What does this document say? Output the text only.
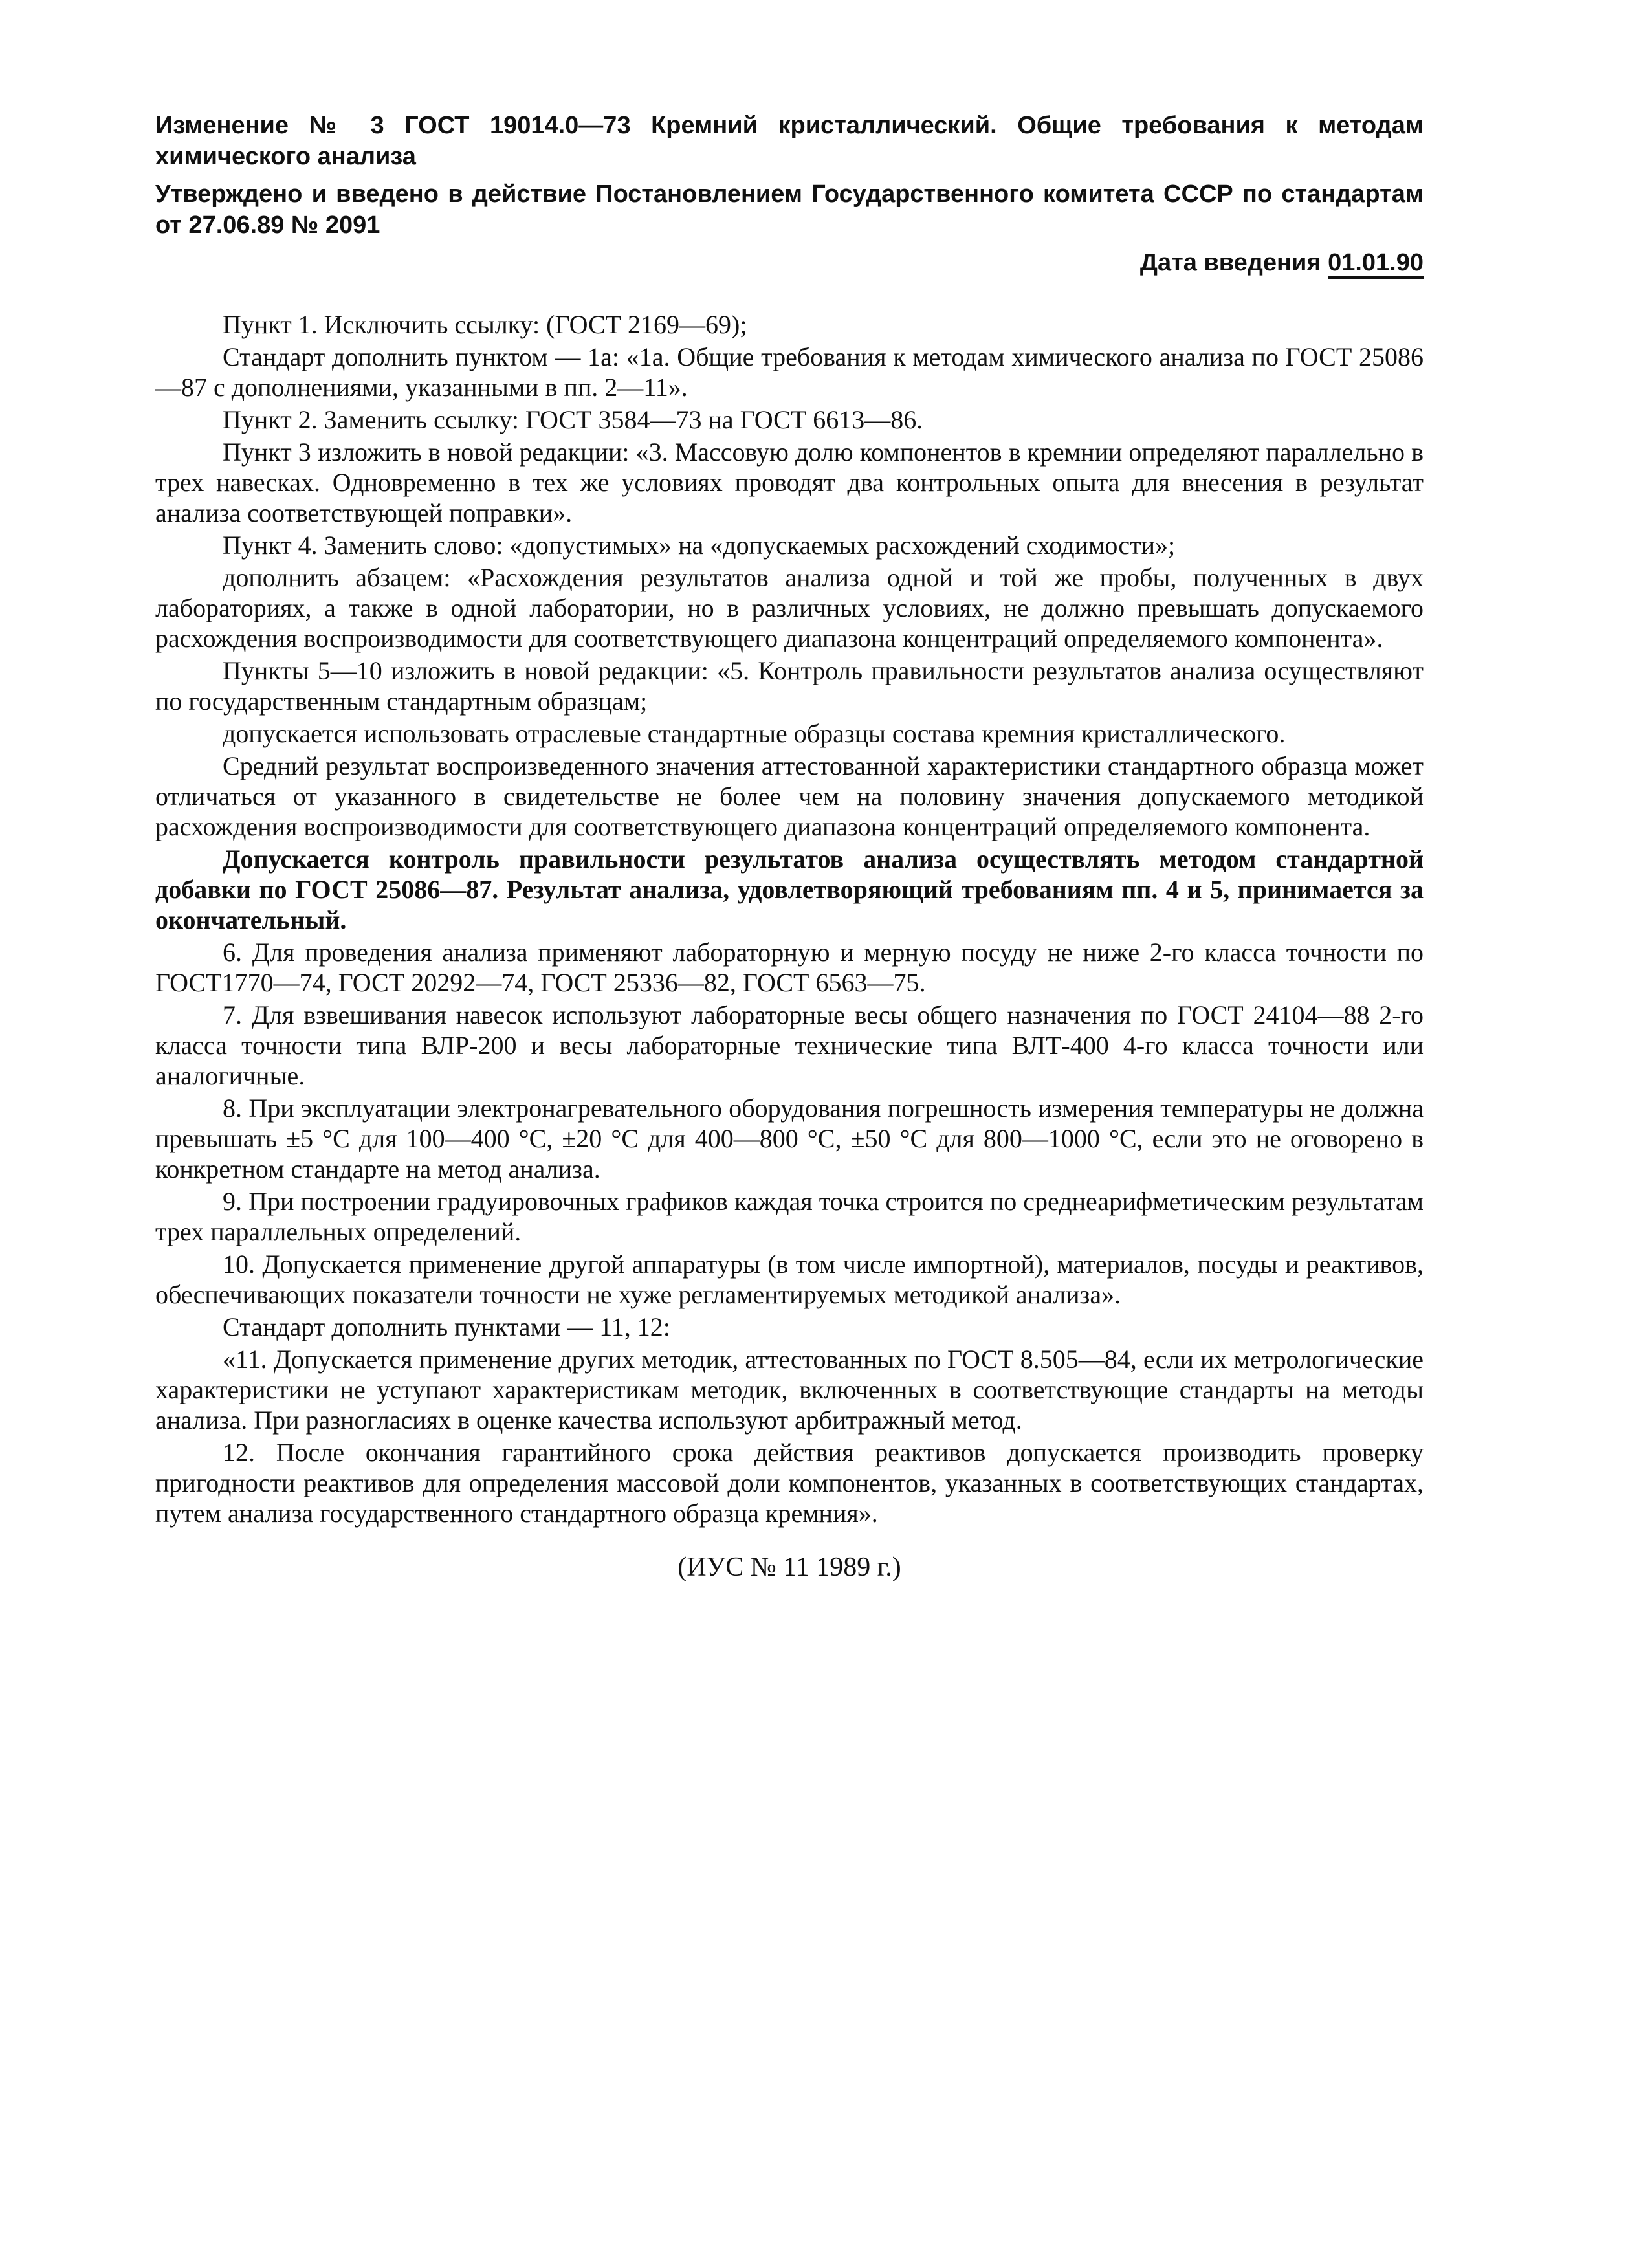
Изменение № 3 ГОСТ 19014.0—73 Кремний кристаллический. Общие требования к методам химического анализа

Утверждено и введено в действие Постановлением Государственного комитета СССР по стандартам от 27.06.89 № 2091

Дата введения 01.01.90

Пункт 1. Исключить ссылку: (ГОСТ 2169—69);

Стандарт дополнить пунктом — 1а: «1а. Общие требования к методам химического анализа по ГОСТ 25086—87 с дополнениями, указанными в пп. 2—11».

Пункт 2. Заменить ссылку: ГОСТ 3584—73 на ГОСТ 6613—86.

Пункт 3 изложить в новой редакции: «3. Массовую долю компонентов в кремнии определяют параллельно в трех навесках. Одновременно в тех же условиях проводят два контрольных опыта для внесения в результат анализа соответствующей поправки».

Пункт 4. Заменить слово: «допустимых» на «допускаемых расхождений сходимости»;

дополнить абзацем: «Расхождения результатов анализа одной и той же пробы, полученных в двух лабораториях, а также в одной лаборатории, но в различных условиях, не должно превышать допускаемого расхождения воспроизводимости для соответствующего диапазона концентраций определяемого компонента».

Пункты 5—10 изложить в новой редакции: «5. Контроль правильности результатов анализа осуществляют по государственным стандартным образцам;

допускается использовать отраслевые стандартные образцы состава кремния кристаллического.

Средний результат воспроизведенного значения аттестованной характеристики стандартного образца может отличаться от указанного в свидетельстве не более чем на половину значения допускаемого методикой расхождения воспроизводимости для соответствующего диапазона концентраций определяемого компонента.

Допускается контроль правильности результатов анализа осуществлять методом стандартной добавки по ГОСТ 25086—87. Результат анализа, удовлетворяющий требованиям пп. 4 и 5, принимается за окончательный.

6. Для проведения анализа применяют лабораторную и мерную посуду не ниже 2-го класса точности по ГОСТ1770—74, ГОСТ 20292—74, ГОСТ 25336—82, ГОСТ 6563—75.

7. Для взвешивания навесок используют лабораторные весы общего назначения по ГОСТ 24104—88 2-го класса точности типа ВЛР-200 и весы лабораторные технические типа ВЛТ-400 4-го класса точности или аналогичные.

8. При эксплуатации электронагревательного оборудования погрешность измерения температуры не должна превышать ±5 °С для 100—400 °С, ±20 °С для 400—800 °С, ±50 °С для 800—1000 °С, если это не оговорено в конкретном стандарте на метод анализа.

9. При построении градуировочных графиков каждая точка строится по среднеарифметическим результатам трех параллельных определений.

10. Допускается применение другой аппаратуры (в том числе импортной), материалов, посуды и реактивов, обеспечивающих показатели точности не хуже регламентируемых методикой анализа».

Стандарт дополнить пунктами — 11, 12:

«11. Допускается применение других методик, аттестованных по ГОСТ 8.505—84, если их метрологические характеристики не уступают характеристикам методик, включенных в соответствующие стандарты на методы анализа. При разногласиях в оценке качества используют арбитражный метод.

12. После окончания гарантийного срока действия реактивов допускается производить проверку пригодности реактивов для определения массовой доли компонентов, указанных в соответствующих стандартах, путем анализа государственного стандартного образца кремния».

(ИУС № 11 1989 г.)
